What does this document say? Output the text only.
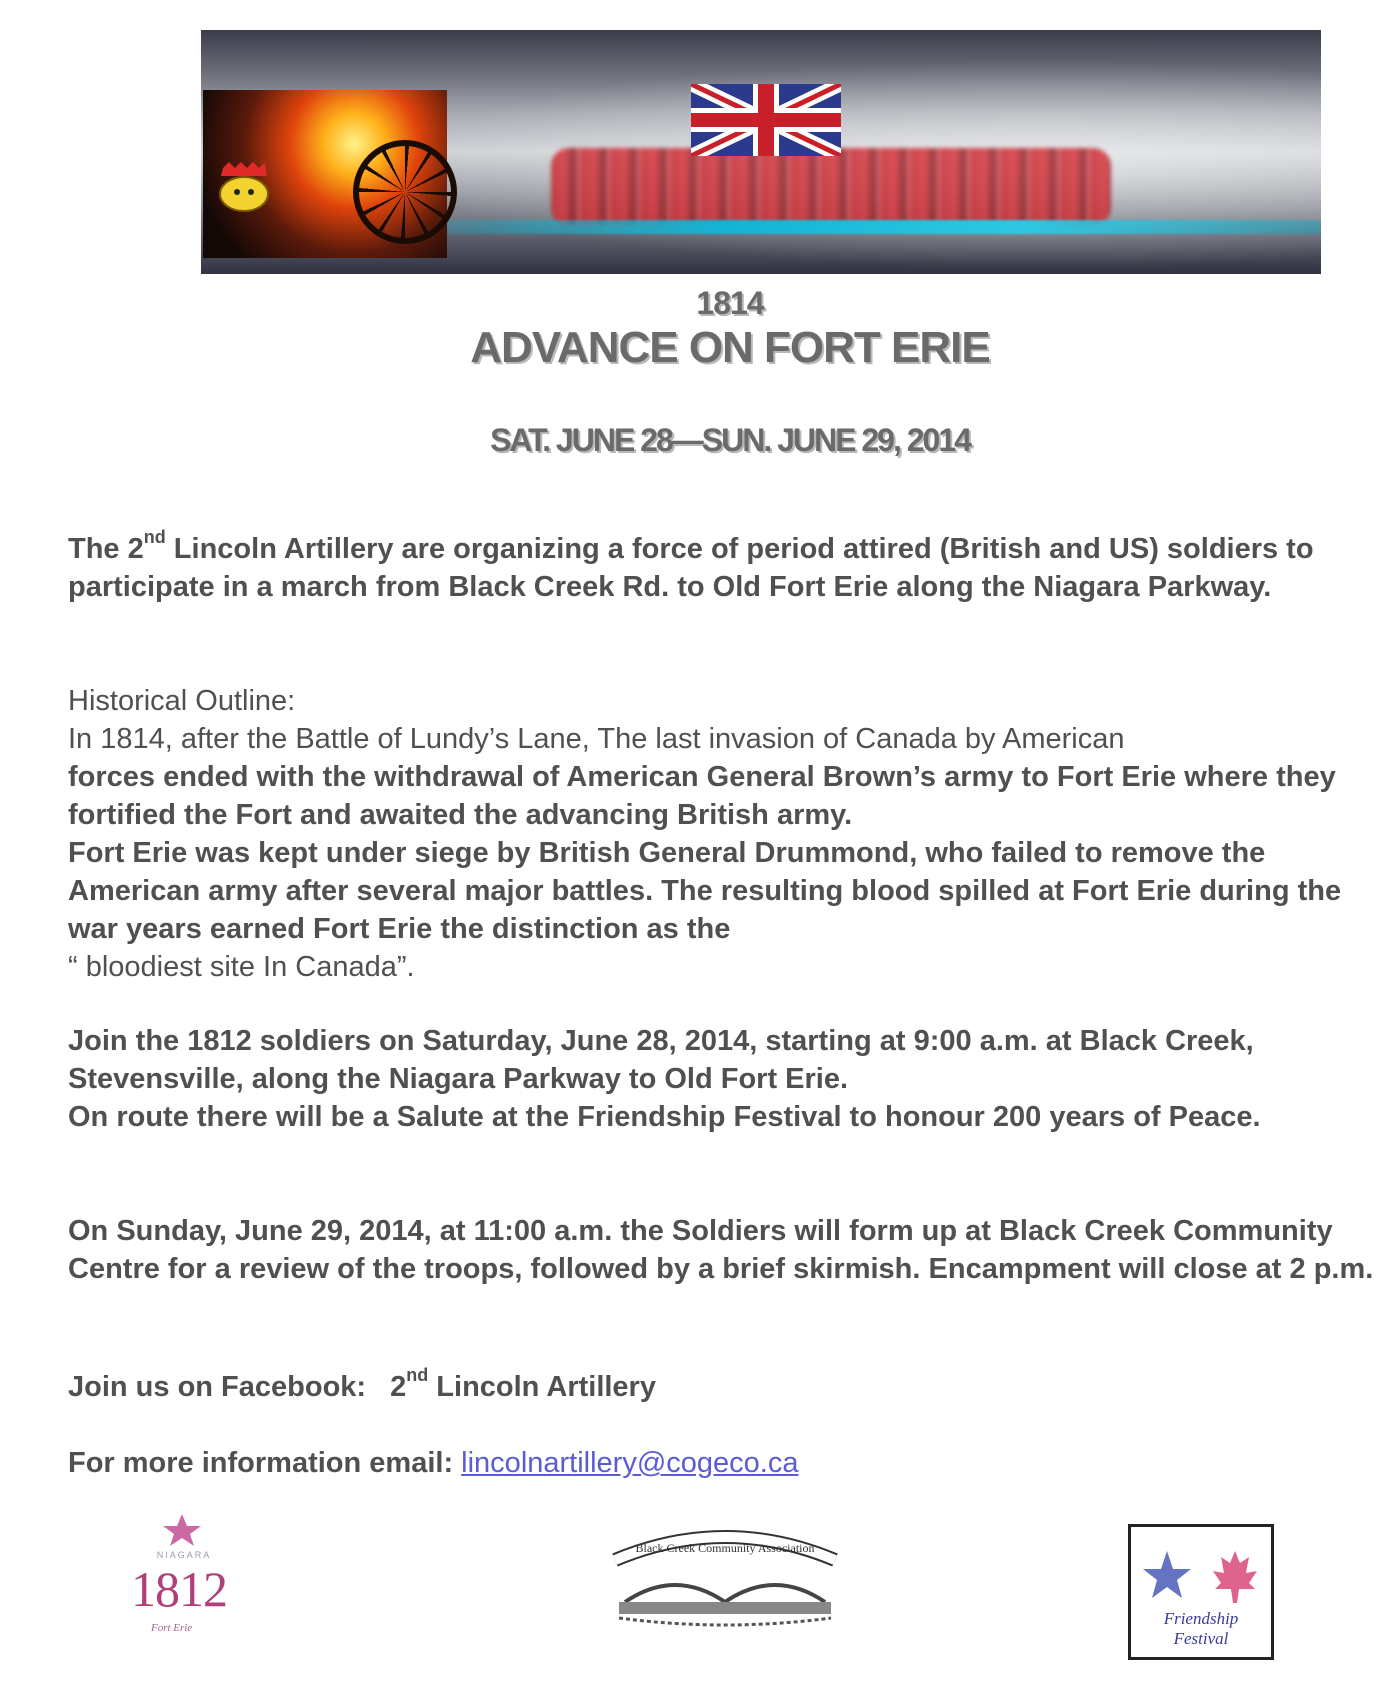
1814
ADVANCE ON FORT ERIE
SAT. JUNE 28—SUN. JUNE 29, 2014

The 2nd Lincoln Artillery are organizing a force of period attired (British and US) soldiers to participate in a march from Black Creek Rd. to Old Fort Erie along the Niagara Parkway.

Historical Outline:

In 1814, after the Battle of Lundy’s Lane, The last invasion of Canada by American

forces ended with the withdrawal of American General Brown’s army to Fort Erie where they fortified the Fort and awaited the advancing British army.

Fort Erie was kept under siege by British General Drummond, who failed to remove the American army after several major battles. The resulting blood spilled at Fort Erie during the war years earned Fort Erie the distinction as the

“ bloodiest site In Canada”.

Join the 1812 soldiers on Saturday, June 28, 2014, starting at 9:00 a.m. at Black Creek, Stevensville, along the Niagara Parkway to Old Fort Erie.

On route there will be a Salute at the Friendship Festival to honour 200 years of Peace.

On Sunday, June 29, 2014, at 11:00 a.m. the Soldiers will form up at Black Creek Community Centre for a review of the troops, followed by a brief skirmish. Encampment will close at 2 p.m.

Join us on Facebook: 2nd Lincoln Artillery

For more information email: lincolnartillery@cogeco.ca

NIAGARA
1812
Fort Erie
Black Creek Community Association
Friendship Festival
